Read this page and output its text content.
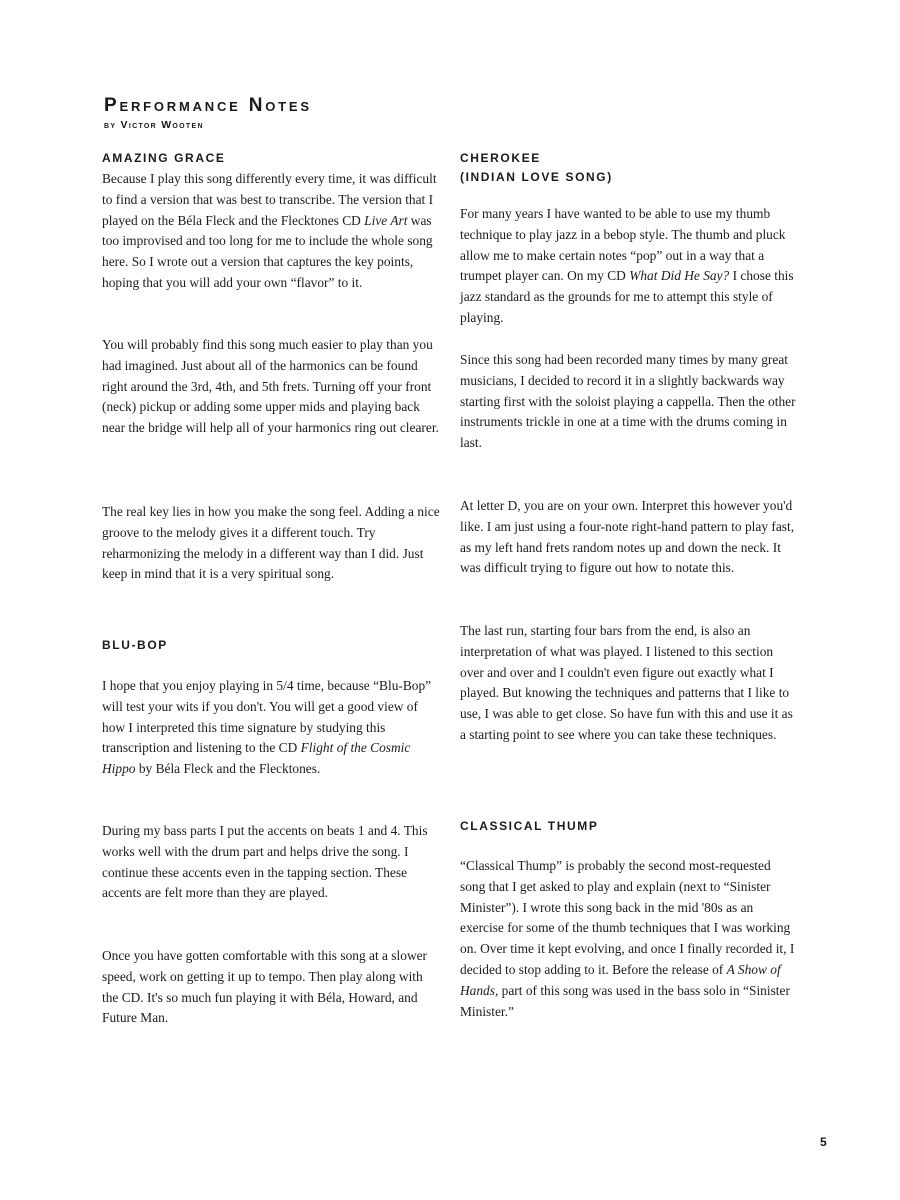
Performance Notes
by Victor Wooten
AMAZING GRACE

Because I play this song differently every time, it was difficult to find a version that was best to transcribe. The version that I played on the Béla Fleck and the Flecktones CD Live Art was too improvised and too long for me to include the whole song here. So I wrote out a version that captures the key points, hoping that you will add your own “flavor” to it.

You will probably find this song much easier to play than you had imagined. Just about all of the harmonics can be found right around the 3rd, 4th, and 5th frets. Turning off your front (neck) pickup or adding some upper mids and playing back near the bridge will help all of your harmonics ring out clearer.

The real key lies in how you make the song feel. Adding a nice groove to the melody gives it a different touch. Try reharmonizing the melody in a different way than I did. Just keep in mind that it is a very spiritual song.

BLU-BOP

I hope that you enjoy playing in 5/4 time, because “Blu-Bop” will test your wits if you don't. You will get a good view of how I interpreted this time signature by studying this transcription and listening to the CD Flight of the Cosmic Hippo by Béla Fleck and the Flecktones.

During my bass parts I put the accents on beats 1 and 4. This works well with the drum part and helps drive the song. I continue these accents even in the tapping section. These accents are felt more than they are played.

Once you have gotten comfortable with this song at a slower speed, work on getting it up to tempo. Then play along with the CD. It's so much fun playing it with Béla, Howard, and Future Man.

CHEROKEE
(INDIAN LOVE SONG)

For many years I have wanted to be able to use my thumb technique to play jazz in a bebop style. The thumb and pluck allow me to make certain notes “pop” out in a way that a trumpet player can. On my CD What Did He Say? I chose this jazz standard as the grounds for me to attempt this style of playing.

Since this song had been recorded many times by many great musicians, I decided to record it in a slightly backwards way starting first with the soloist playing a cappella. Then the other instruments trickle in one at a time with the drums coming in last.

At letter D, you are on your own. Interpret this however you'd like. I am just using a four-note right-hand pattern to play fast, as my left hand frets random notes up and down the neck. It was difficult trying to figure out how to notate this.

The last run, starting four bars from the end, is also an interpretation of what was played. I listened to this section over and over and I couldn't even figure out exactly what I played. But knowing the techniques and patterns that I like to use, I was able to get close. So have fun with this and use it as a starting point to see where you can take these techniques.

CLASSICAL THUMP

“Classical Thump” is probably the second most-requested song that I get asked to play and explain (next to “Sinister Minister”). I wrote this song back in the mid '80s as an exercise for some of the thumb techniques that I was working on. Over time it kept evolving, and once I finally recorded it, I decided to stop adding to it. Before the release of A Show of Hands, part of this song was used in the bass solo in “Sinister Minister.”

5
